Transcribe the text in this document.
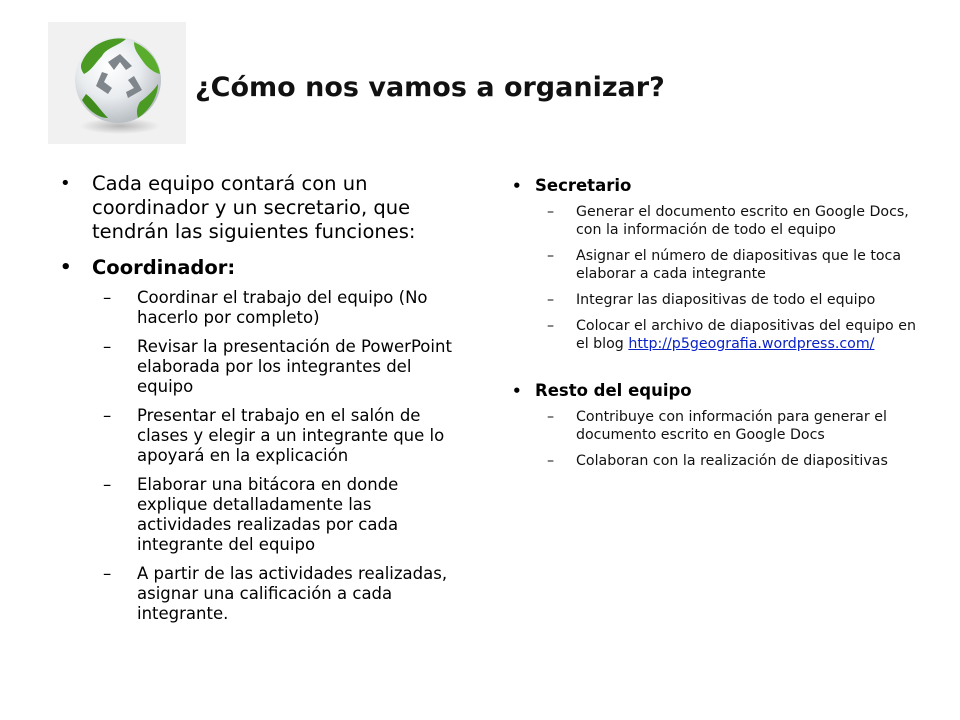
¿Cómo nos vamos a organizar?
• Cada equipo contará con un coordinador y un secretario, que tendrán las siguientes funciones:
• Coordinador:
– Coordinar el trabajo del equipo (No hacerlo por completo)
– Revisar la presentación de PowerPoint elaborada por los integrantes del equipo
– Presentar el trabajo en el salón de clases y elegir a un integrante que lo apoyará en la explicación
– Elaborar una bitácora en donde explique detalladamente las actividades realizadas por cada integrante del equipo
– A partir de las actividades realizadas, asignar una calificación a cada integrante.
• Secretario
– Generar el documento escrito en Google Docs, con la información de todo el equipo
– Asignar el número de diapositivas que le toca elaborar a cada integrante
– Integrar las diapositivas de todo el equipo
– Colocar el archivo de diapositivas del equipo en el blog http://p5geografia.wordpress.com/
• Resto del equipo
– Contribuye con información para generar el documento escrito en Google Docs
– Colaboran con la realización de diapositivas
